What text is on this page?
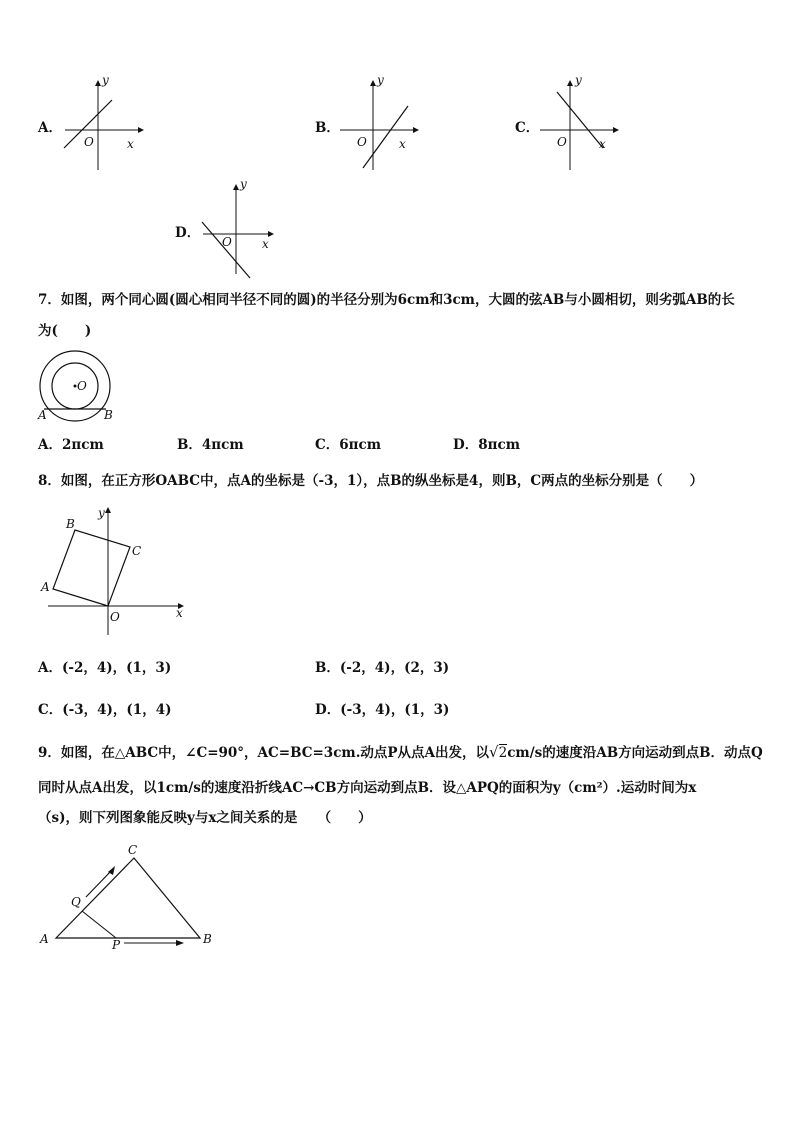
A．
y
x
O
B．
y
x
O
C．
y
x
O
D．
y
x
O
7．如图，两个同心圆(圆心相同半径不同的圆)的半径分别为6cm和3cm，大圆的弦AB与小圆相切，则劣弧AB的长
为(　　)
O
A	B
A．2πcm	B．4πcm	C．6πcm	D．8πcm
8．如图，在正方形OABC中，点A的坐标是（-3，1），点B的纵坐标是4，则B，C两点的坐标分别是（　　）
B
C
A
O	x
y
A．(-2，4)，(1，3)	B．(-2，4)，(2，3)
C．(-3，4)，(1，4)	D．(-3，4)，(1，3)
9．如图，在△ABC中，∠C=90°，AC=BC=3cm.动点P从点A出发，以√2cm/s的速度沿AB方向运动到点B．动点Q
同时从点A出发，以1cm/s的速度沿折线AC→CB方向运动到点B．设△APQ的面积为y（cm²）.运动时间为x
（s)，则下列图象能反映y与x之间关系的是　　（　　）
C
Q
A	P	B
